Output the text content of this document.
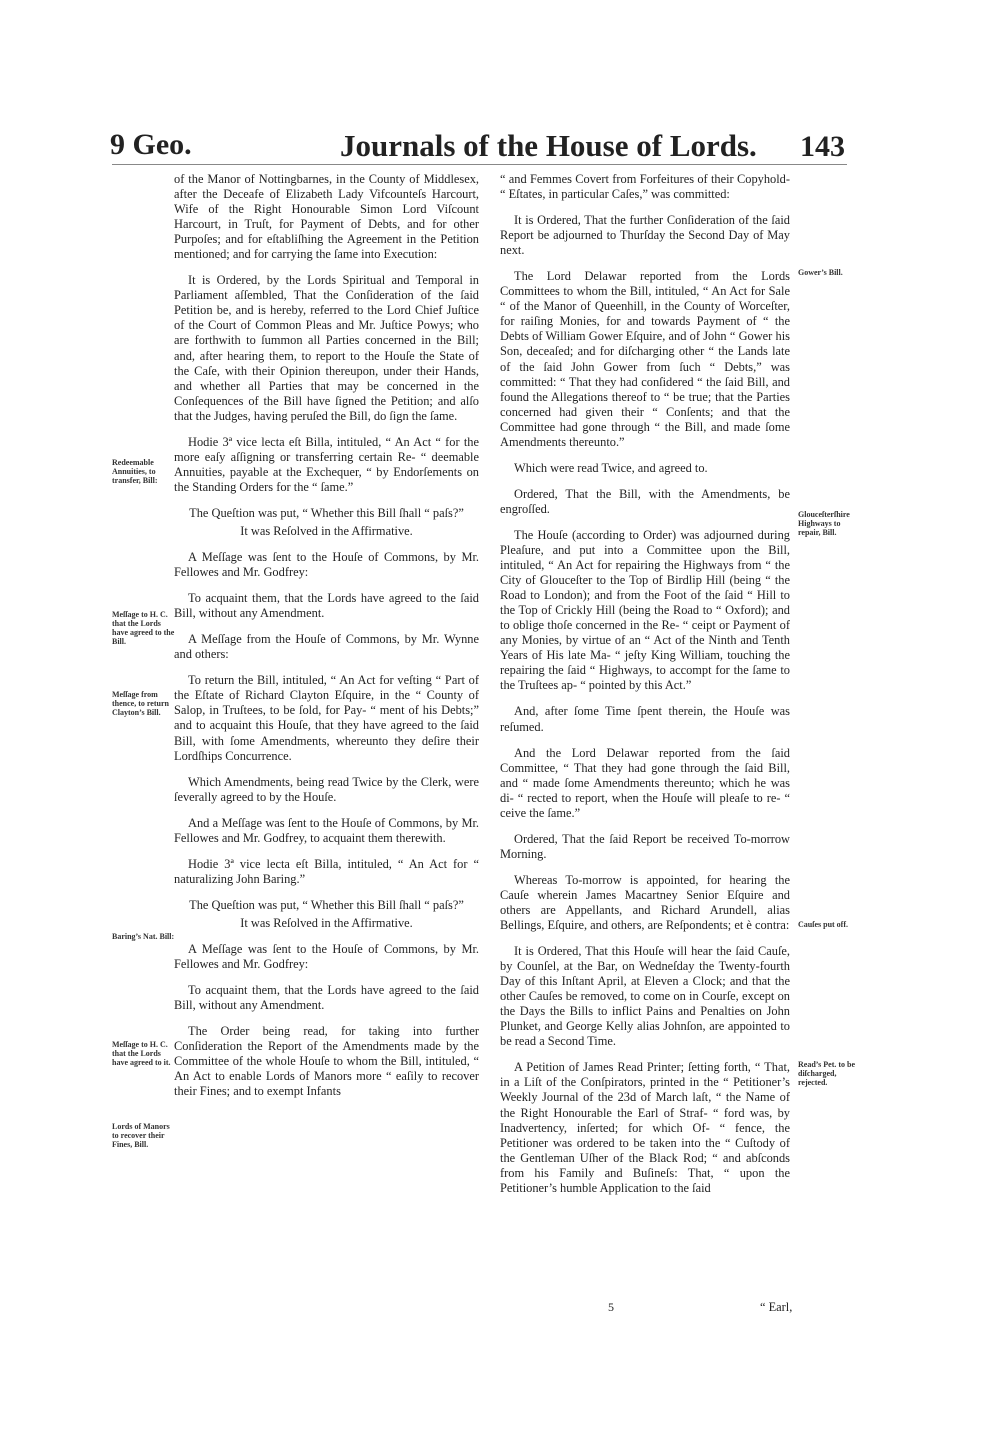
9 Geo.	Journals of the House of Lords. 143

of the Manor of Nottingbarnes, in the County of Middlesex, after the Deceafe of Elizabeth Lady Vifcounteſs Harcourt, Wife of the Right Honourable Simon Lord Viſcount Harcourt, in Truſt, for Payment of Debts, and for other Purpoſes; and for eſtabliſhing the Agreement in the Petition mentioned; and for carrying the ſame into Execution:

It is Ordered, by the Lords Spiritual and Temporal in Parliament aſſembled, That the Conſideration of the ſaid Petition be, and is hereby, referred to the Lord Chief Juſtice of the Court of Common Pleas and Mr. Juſtice Powys; who are forthwith to ſummon all Parties concerned in the Bill; and, after hearing them, to report to the Houſe the State of the Caſe, with their Opinion thereupon, under their Hands, and whether all Parties that may be concerned in the Conſequences of the Bill have ſigned the Petition; and alſo that the Judges, having peruſed the Bill, do ſign the ſame.

Hodie 3ª vice lecta eſt Billa, intituled, “ An Act “ for the more eaſy aſſigning or transferring certain Re- “ deemable Annuities, payable at the Exchequer, “ by Endorſements on the Standing Orders for the “ ſame.”

The Queſtion was put, “ Whether this Bill ſhall “ paſs?”

It was Reſolved in the Affirmative.

A Meſſage was ſent to the Houſe of Commons, by Mr. Fellowes and Mr. Godfrey:

To acquaint them, that the Lords have agreed to the ſaid Bill, without any Amendment.

A Meſſage from the Houſe of Commons, by Mr. Wynne and others:

To return the Bill, intituled, “ An Act for veſting “ Part of the Eſtate of Richard Clayton Eſquire, in the “ County of Salop, in Truſtees, to be ſold, for Pay- “ ment of his Debts;” and to acquaint this Houſe, that they have agreed to the ſaid Bill, with ſome Amendments, whereunto they deſire their Lordſhips Concurrence.

Which Amendments, being read Twice by the Clerk, were ſeverally agreed to by the Houſe.

And a Meſſage was ſent to the Houſe of Commons, by Mr. Fellowes and Mr. Godfrey, to acquaint them therewith.

Hodie 3ª vice lecta eſt Billa, intituled, “ An Act for “ naturalizing John Baring.”

The Queſtion was put, “ Whether this Bill ſhall “ paſs?”

It was Reſolved in the Affirmative.

A Meſſage was ſent to the Houſe of Commons, by Mr. Fellowes and Mr. Godfrey:

To acquaint them, that the Lords have agreed to the ſaid Bill, without any Amendment.

The Order being read, for taking into further Conſideration the Report of the Amendments made by the Committee of the whole Houſe to whom the Bill, intituled, “ An Act to enable Lords of Manors more “ eaſily to recover their Fines; and to exempt Infants

“ and Femmes Covert from Forfeitures of their Copyhold- “ Eſtates, in particular Caſes,” was committed:

It is Ordered, That the further Conſideration of the ſaid Report be adjourned to Thurſday the Second Day of May next.

The Lord Delawar reported from the Lords Committees to whom the Bill, intituled, “ An Act for Sale “ of the Manor of Queenhill, in the County of Worceſter, for raiſing Monies, for and towards Payment of “ the Debts of William Gower Eſquire, and of John “ Gower his Son, deceaſed; and for diſcharging other “ the Lands late of the ſaid John Gower from ſuch “ Debts,” was committed: “ That they had conſidered “ the ſaid Bill, and found the Allegations thereof to “ be true; that the Parties concerned had given their “ Conſents; and that the Committee had gone through “ the Bill, and made ſome Amendments thereunto.”

Which were read Twice, and agreed to.

Ordered, That the Bill, with the Amendments, be engroſſed.

The Houſe (according to Order) was adjourned during Pleaſure, and put into a Committee upon the Bill, intituled, “ An Act for repairing the Highways from “ the City of Glouceſter to the Top of Birdlip Hill (being “ the Road to London); and from the Foot of the ſaid “ Hill to the Top of Crickly Hill (being the Road to “ Oxford); and to oblige thoſe concerned in the Re- “ ceipt or Payment of any Monies, by virtue of an “ Act of the Ninth and Tenth Years of His late Ma- “ jeſty King William, touching the repairing the ſaid “ Highways, to accompt for the ſame to the Truſtees ap- “ pointed by this Act.”

And, after ſome Time ſpent therein, the Houſe was reſumed.

And the Lord Delawar reported from the ſaid Committee, “ That they had gone through the ſaid Bill, and “ made ſome Amendments thereunto; which he was di- “ rected to report, when the Houſe will pleaſe to re- “ ceive the ſame.”

Ordered, That the ſaid Report be received To-morrow Morning.

Whereas To-morrow is appointed, for hearing the Cauſe wherein James Macartney Senior Eſquire and others are Appellants, and Richard Arundell, alias Bellings, Eſquire, and others, are Reſpondents; et è contra:

It is Ordered, That this Houſe will hear the ſaid Cauſe, by Counſel, at the Bar, on Wedneſday the Twenty-fourth Day of this Inſtant April, at Eleven a Clock; and that the other Cauſes be removed, to come on in Courſe, except on the Days the Bills to inflict Pains and Penalties on John Plunket, and George Kelly alias Johnſon, are appointed to be read a Second Time.

A Petition of James Read Printer; ſetting forth, “ That, in a Liſt of the Conſpirators, printed in the “ Petitioner’s Weekly Journal of the 23d of March laſt, “ the Name of the Right Honourable the Earl of Straf- “ ford was, by Inadvertency, inſerted; for which Of- “ fence, the Petitioner was ordered to be taken into the “ Cuſtody of the Gentleman Uſher of the Black Rod; “ and abſconds from his Family and Buſineſs: That, “ upon the Petitioner’s humble Application to the ſaid

Redeemable Annuities, to transfer, Bill:
Meſſage to H. C. that the Lords have agreed to the Bill.
Meſſage from thence, to return Clayton’s Bill.
Baring’s Nat. Bill:
Meſſage to H. C. that the Lords have agreed to it.
Lords of Manors to recover their Fines, Bill.
Gower’s Bill.
Glouceſterſhire Highways to repair, Bill.
Cauſes put off.
Read’s Pet. to be diſcharged, rejected.
5	“ Earl,
